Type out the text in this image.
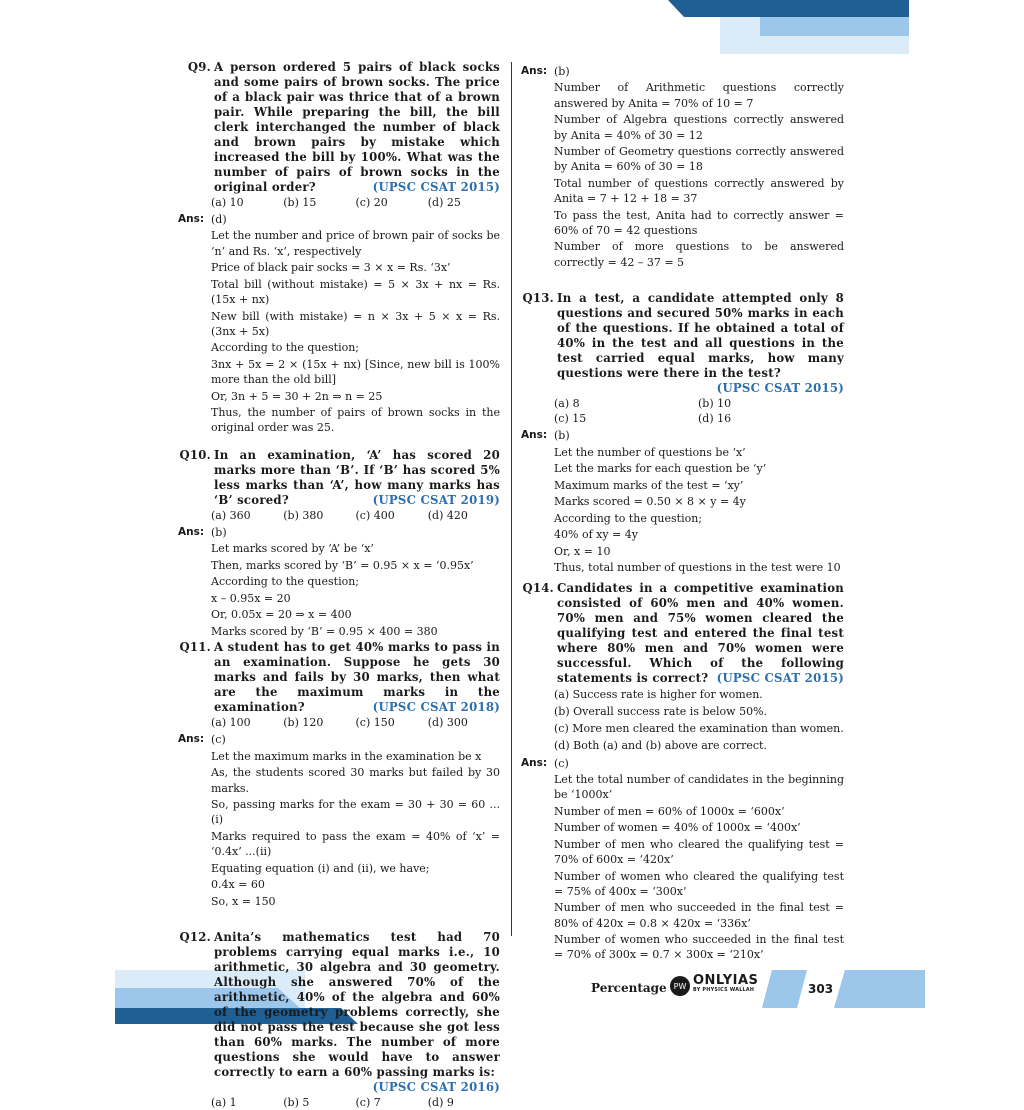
Q9. A person ordered 5 pairs of black socks and some pairs of brown socks. The price of a black pair was thrice that of a brown pair. While preparing the bill, the bill clerk interchanged the number of black and brown pairs by mistake which increased the bill by 100%. What was the number of pairs of brown socks in the original order?	(UPSC CSAT 2015)
(a) 10	(b) 15	(c) 20	(d) 25
Ans: (d)
Let the number and price of brown pair of socks be ‘n’ and Rs. ‘x’, respectively
Price of black pair socks = 3 × x = Rs. ‘3x’
Total bill (without mistake) = 5 × 3x + nx = Rs. (15x + nx)
New bill (with mistake) = n × 3x + 5 × x = Rs. (3nx + 5x)
According to the question;
3nx + 5x = 2 × (15x + nx) [Since, new bill is 100% more than the old bill]
Or, 3n + 5 = 30 + 2n ⇒ n = 25
Thus, the number of pairs of brown socks in the original order was 25.
Q10. In an examination, ‘A’ has scored 20 marks more than ‘B’. If ‘B’ has scored 5% less marks than ‘A’, how many marks has ‘B’ scored?	(UPSC CSAT 2019)
(a) 360	(b) 380	(c) 400	(d) 420
Ans: (b)
Let marks scored by ‘A’ be ‘x’
Then, marks scored by ‘B’ = 0.95 × x = ‘0.95x’
According to the question;
x – 0.95x = 20
Or, 0.05x = 20 ⇒ x = 400
Marks scored by ‘B’ = 0.95 × 400 = 380
Q11. A student has to get 40% marks to pass in an examination. Suppose he gets 30 marks and fails by 30 marks, then what are the maximum marks in the examination?	(UPSC CSAT 2018)
(a) 100	(b) 120	(c) 150	(d) 300
Ans: (c)
Let the maximum marks in the examination be x
As, the students scored 30 marks but failed by 30 marks.
So, passing marks for the exam = 30 + 30 = 60 ...(i)
Marks required to pass the exam = 40% of ‘x’ = ‘0.4x’ ...(ii)
Equating equation (i) and (ii), we have;
0.4x = 60
So, x = 150
Q12. Anita’s mathematics test had 70 problems carrying equal marks i.e., 10 arithmetic, 30 algebra and 30 geometry. Although she answered 70% of the arithmetic, 40% of the algebra and 60% of the geometry problems correctly, she did not pass the test because she got less than 60% marks. The number of more questions she would have to answer correctly to earn a 60% passing marks is:
(UPSC CSAT 2016)
(a) 1	(b) 5	(c) 7	(d) 9
Ans: (b)
Number of Arithmetic questions correctly answered by Anita = 70% of 10 = 7
Number of Algebra questions correctly answered by Anita = 40% of 30 = 12
Number of Geometry questions correctly answered by Anita = 60% of 30 = 18
Total number of questions correctly answered by Anita = 7 + 12 + 18 = 37
To pass the test, Anita had to correctly answer = 60% of 70 = 42 questions
Number of more questions to be answered correctly = 42 – 37 = 5
Q13. In a test, a candidate attempted only 8 questions and secured 50% marks in each of the questions. If he obtained a total of 40% in the test and all questions in the test carried equal marks, how many questions were there in the test?
(UPSC CSAT 2015)
(a) 8	(b) 10
(c) 15	(d) 16
Ans: (b)
Let the number of questions be ‘x’
Let the marks for each question be ‘y’
Maximum marks of the test = ‘xy’
Marks scored = 0.50 × 8 × y = 4y
According to the question;
40% of xy = 4y
Or, x = 10
Thus, total number of questions in the test were 10
Q14. Candidates in a competitive examination consisted of 60% men and 40% women. 70% men and 75% women cleared the qualifying test and entered the final test where 80% men and 70% women were successful. Which of the following statements is correct? (UPSC CSAT 2015)
(a) Success rate is higher for women.
(b) Overall success rate is below 50%.
(c) More men cleared the examination than women.
(d) Both (a) and (b) above are correct.
Ans: (c)
Let the total number of candidates in the beginning be ‘1000x’
Number of men = 60% of 1000x = ‘600x’
Number of women = 40% of 1000x = ‘400x’
Number of men who cleared the qualifying test = 70% of 600x = ‘420x’
Number of women who cleared the qualifying test = 75% of 400x = ‘300x’
Number of men who succeeded in the final test = 80% of 420x = 0.8 × 420x = ‘336x’
Number of women who succeeded in the final test = 70% of 300x = 0.7 × 300x = ‘210x’
Percentage PW ONLYIAS
BY PHYSICS WALLAH	303
